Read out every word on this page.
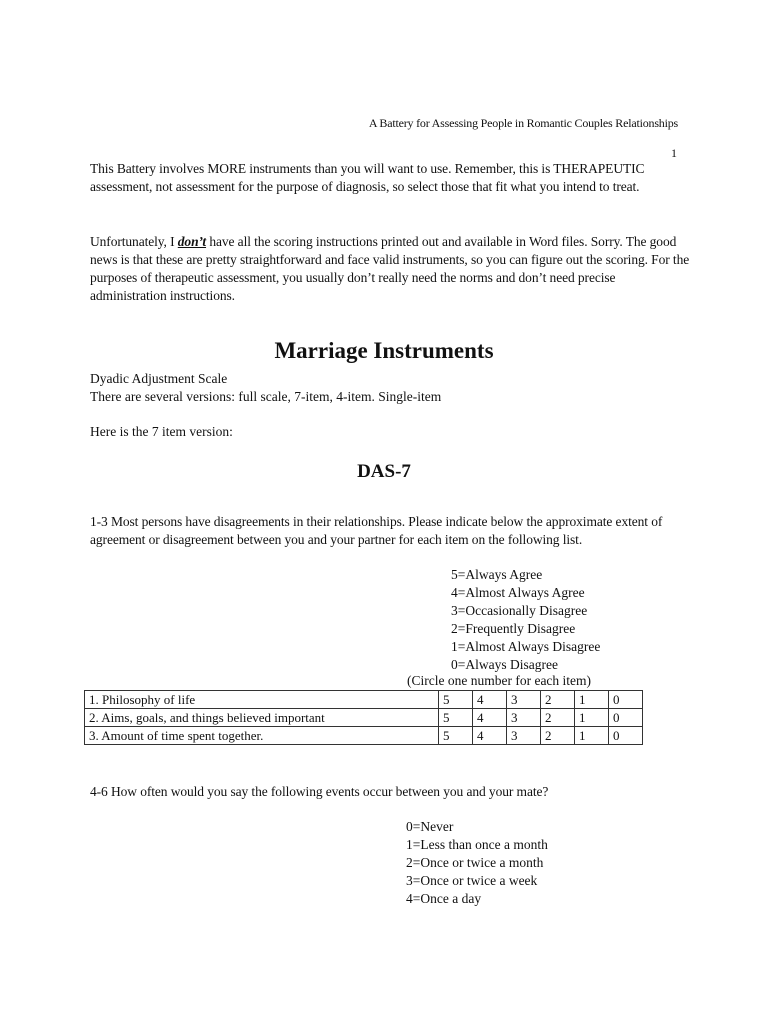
A Battery for Assessing People in Romantic Couples Relationships
1
This Battery involves MORE instruments than you will want to use. Remember, this is THERAPEUTIC assessment, not assessment for the purpose of diagnosis, so select those that fit what you intend to treat.
Unfortunately, I don’t have all the scoring instructions printed out and available in Word files. Sorry. The good news is that these are pretty straightforward and face valid instruments, so you can figure out the scoring. For the purposes of therapeutic assessment, you usually don’t really need the norms and don’t need precise administration instructions.
Marriage Instruments
Dyadic Adjustment Scale
There are several versions: full scale, 7-item, 4-item. Single-item
Here is the 7 item version:
DAS-7
1-3 Most persons have disagreements in their relationships. Please indicate below the approximate extent of agreement or disagreement between you and your partner for each item on the following list.
5=Always Agree
4=Almost Always Agree
3=Occasionally Disagree
2=Frequently Disagree
1=Almost Always Disagree
0=Always Disagree
(Circle one number for each item)
1. Philosophy of life	5	4	3	2	1	0
2. Aims, goals, and things believed important	5	4	3	2	1	0
3. Amount of time spent together.	5	4	3	2	1	0
4-6 How often would you say the following events occur between you and your mate?
0=Never
1=Less than once a month
2=Once or twice a month
3=Once or twice a week
4=Once a day
